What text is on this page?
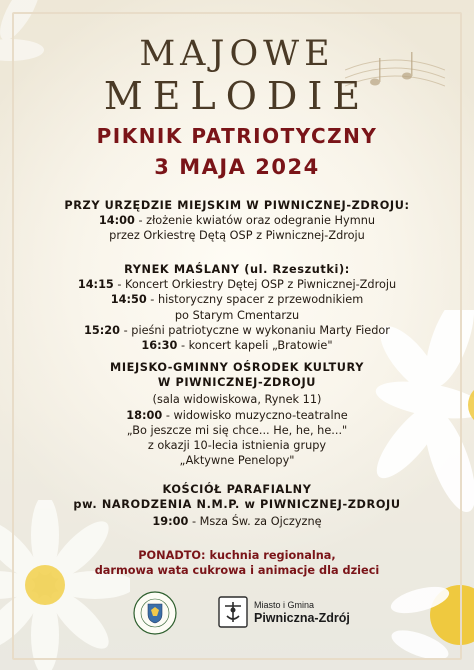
MAJOWE
MELODIE
PIKNIK PATRIOTYCZNY
3 MAJA 2024
PRZY URZĘDZIE MIEJSKIM W PIWNICZNEJ-ZDROJU:
14:00 - złożenie kwiatów oraz odegranie Hymnu
przez Orkiestrę Dętą OSP z Piwnicznej-Zdroju
RYNEK MAŚLANY (ul. Rzeszutki):
14:15 - Koncert Orkiestry Dętej OSP z Piwnicznej-Zdroju
14:50 - historyczny spacer z przewodnikiem
po Starym Cmentarzu
15:20 - pieśni patriotyczne w wykonaniu Marty Fiedor
16:30 - koncert kapeli „Bratowie"
MIEJSKO-GMINNY OŚRODEK KULTURY
W PIWNICZNEJ-ZDROJU
(sala widowiskowa, Rynek 11)
18:00 - widowisko muzyczno-teatralne
„Bo jeszcze mi się chce... He, he, he..."
z okazji 10-lecia istnienia grupy
„Aktywne Penelopy"
KOŚCIÓŁ PARAFIALNY
pw. NARODZENIA N.M.P. w PIWNICZNEJ-ZDROJU
19:00 - Msza Św. za Ojczyznę
PONADTO: kuchnia regionalna,
darmowa wata cukrowa i animacje dla dzieci
Miasto i Gmina
Piwniczna-Zdrój
